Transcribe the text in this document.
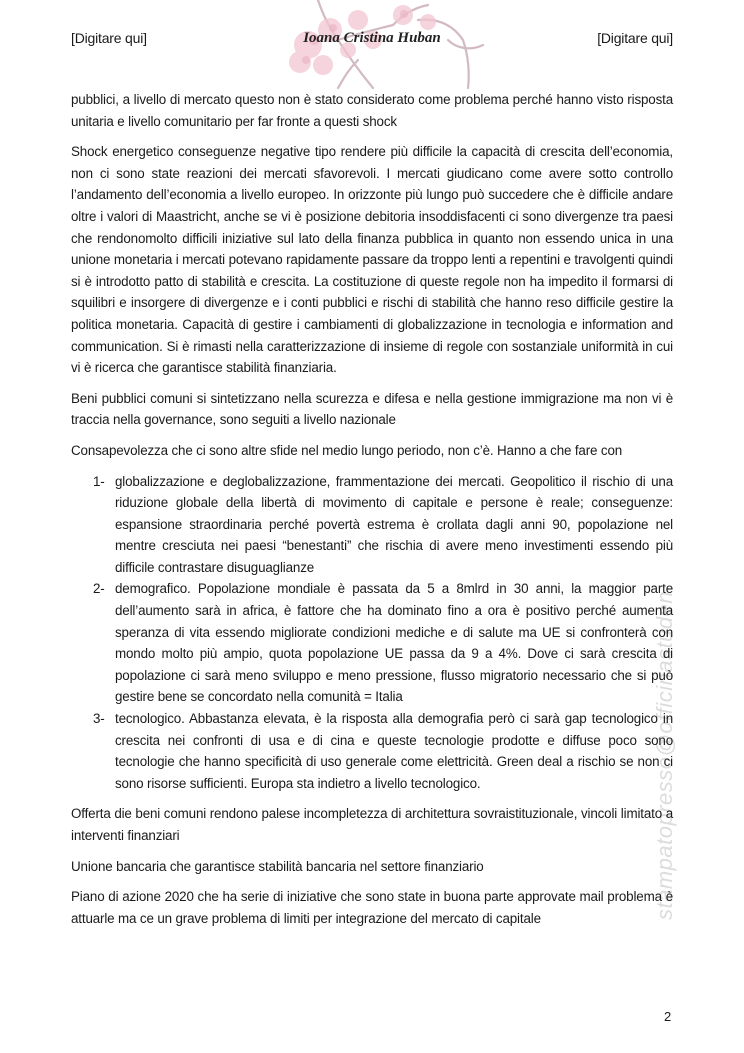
[Digitare qui]	Ioana Cristina Huban	[Digitare qui]
stampatopresso@officinastuden

pubblici, a livello di mercato questo non è stato considerato come problema perché hanno visto risposta unitaria e livello comunitario per far fronte a questi shock

Shock energetico conseguenze negative tipo rendere più difficile la capacità di crescita dell’economia, non ci sono state reazioni dei mercati sfavorevoli. I mercati giudicano come avere sotto controllo l’andamento dell’economia a livello europeo. In orizzonte più lungo può succedere che è difficile andare oltre i valori di Maastricht, anche se vi è posizione debitoria insoddisfacenti ci sono divergenze tra paesi che rendonomolto difficili iniziative sul lato della finanza pubblica in quanto non essendo unica in una unione monetaria i mercati potevano rapidamente passare da troppo lenti a repentini e travolgenti quindi si è introdotto patto di stabilità e crescita. La costituzione di queste regole non ha impedito il formarsi di squilibri e insorgere di divergenze e i conti pubblici e rischi di stabilità che hanno reso difficile gestire la politica monetaria. Capacità di gestire i cambiamenti di globalizzazione in tecnologia e information and communication. Si è rimasti nella caratterizzazione di insieme di regole con sostanziale uniformità in cui vi è ricerca che garantisce stabilità finanziaria.

Beni pubblici comuni si sintetizzano nella scurezza e difesa e nella gestione immigrazione ma non vi è traccia nella governance, sono seguiti a livello nazionale

Consapevolezza che ci sono altre sfide nel medio lungo periodo, non c’è. Hanno a che fare con

1- globalizzazione e deglobalizzazione, frammentazione dei mercati. Geopolitico il rischio di una riduzione globale della libertà di movimento di capitale e persone è reale; conseguenze: espansione straordinaria perché povertà estrema è crollata dagli anni 90, popolazione nel mentre cresciuta nei paesi “benestanti” che rischia di avere meno investimenti essendo più difficile contrastare disuguaglianze
2- demografico. Popolazione mondiale è passata da 5 a 8mlrd in 30 anni, la maggior parte dell’aumento sarà in africa, è fattore che ha dominato fino a ora è positivo perché aumenta speranza di vita essendo migliorate condizioni mediche e di salute ma UE si confronterà con mondo molto più ampio, quota popolazione UE passa da 9 a 4%. Dove ci sarà crescita di popolazione ci sarà meno sviluppo e meno pressione, flusso migratorio necessario che si può gestire bene se concordato nella comunità = Italia
3- tecnologico. Abbastanza elevata, è la risposta alla demografia però ci sarà gap tecnologico in crescita nei confronti di usa e di cina e queste tecnologie prodotte e diffuse poco sono tecnologie che hanno specificità di uso generale come elettricità. Green deal a rischio se non ci sono risorse sufficienti. Europa sta indietro a livello tecnologico.

Offerta die beni comuni rendono palese incompletezza di architettura sovraistituzionale, vincoli limitato a interventi finanziari

Unione bancaria che garantisce stabilità bancaria nel settore finanziario

Piano di azione 2020 che ha serie di iniziative che sono state in buona parte approvate mail problema è attuarle ma ce un grave problema di limiti per integrazione del mercato di capitale

2
